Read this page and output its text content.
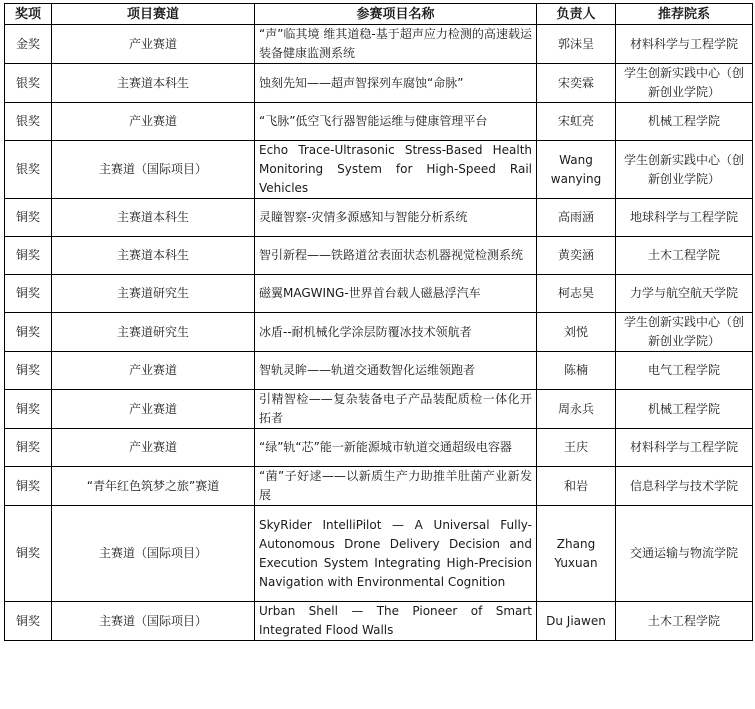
奖项	项目赛道	参赛项目名称	负责人	推荐院系
金奖	产业赛道	“声”临其境 维其道稳-基于超声应力检测的高速载运装备健康监测系统	郭沫呈	材料科学与工程学院
银奖	主赛道本科生	蚀刻先知——超声智探列车腐蚀“命脉”	宋奕霖	学生创新实践中心（创新创业学院）
银奖	产业赛道	“飞脉”低空飞行器智能运维与健康管理平台	宋虹亮	机械工程学院
银奖	主赛道（国际项目）	Echo Trace-Ultrasonic Stress-Based Health Monitoring System for High-Speed Rail Vehicles	Wang wanying	学生创新实践中心（创新创业学院）
铜奖	主赛道本科生	灵瞳智察-灾情多源感知与智能分析系统	高雨涵	地球科学与工程学院
铜奖	主赛道本科生	智引新程——铁路道岔表面状态机器视觉检测系统	黄奕涵	土木工程学院
铜奖	主赛道研究生	磁翼MAGWING-世界首台载人磁悬浮汽车	柯志昊	力学与航空航天学院
铜奖	主赛道研究生	冰盾--耐机械化学涂层防覆冰技术领航者	刘悦	学生创新实践中心（创新创业学院）
铜奖	产业赛道	智轨灵眸——轨道交通数智化运维领跑者	陈楠	电气工程学院
铜奖	产业赛道	引精智检——复杂装备电子产品装配质检一体化开拓者	周永兵	机械工程学院
铜奖	产业赛道	“绿”轨“芯”能一新能源城市轨道交通超级电容器	王庆	材料科学与工程学院
铜奖	“青年红色筑梦之旅”赛道	“菌”子好逑——以新质生产力助推羊肚菌产业新发展	和岩	信息科学与技术学院
铜奖	主赛道（国际项目）	SkyRider IntelliPilot — A Universal Fully-Autonomous Drone Delivery Decision and Execution System Integrating High-Precision Navigation with Environmental Cognition	Zhang Yuxuan	交通运输与物流学院
铜奖	主赛道（国际项目）	Urban Shell — The Pioneer of Smart Integrated Flood Walls	Du Jiawen	土木工程学院
